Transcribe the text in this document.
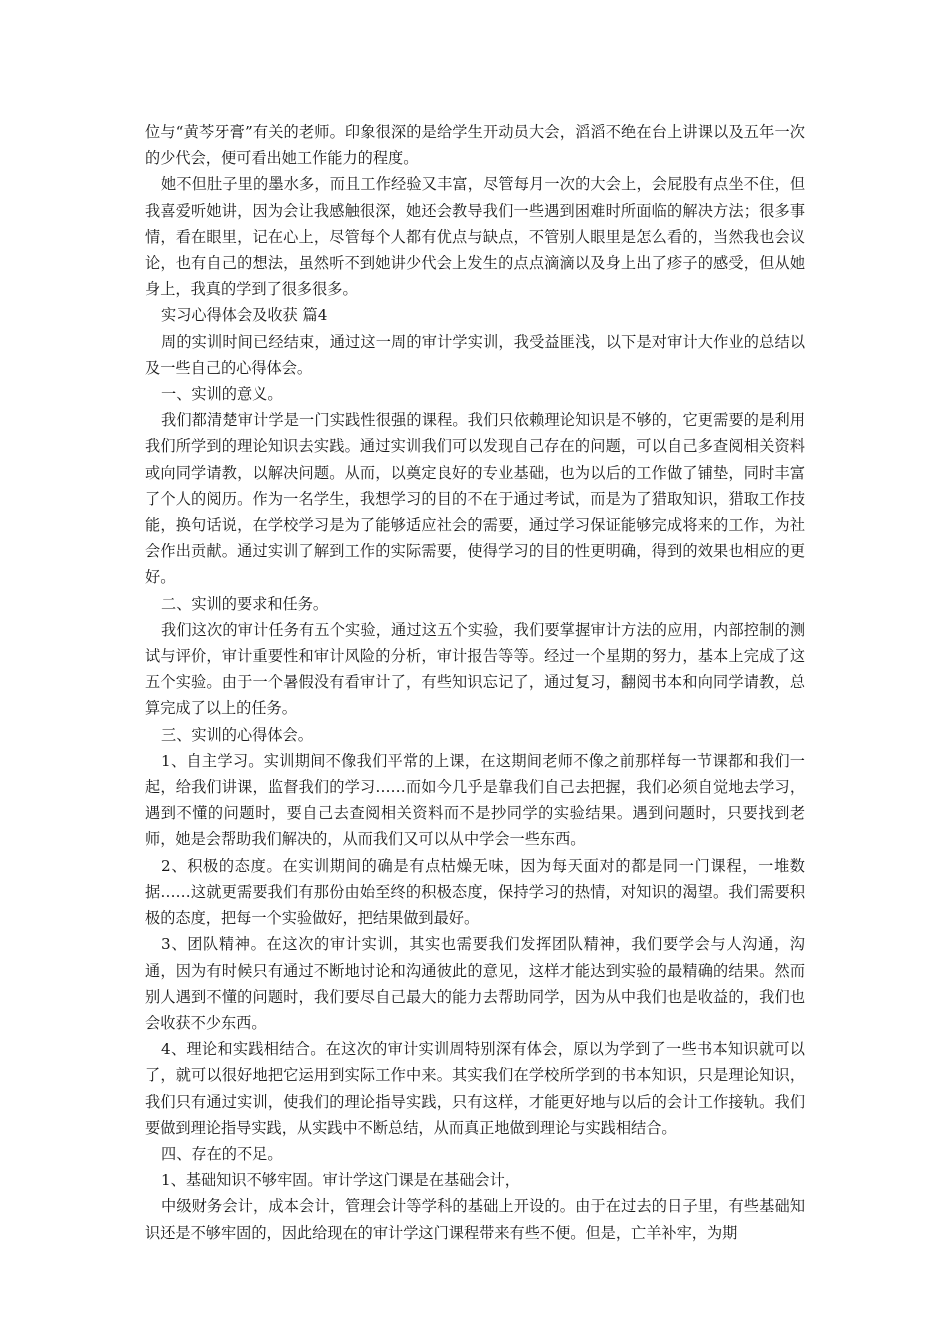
位与“黄芩牙膏”有关的老师。印象很深的是给学生开动员大会，滔滔不绝在台上讲课以及五年一次的少代会，便可看出她工作能力的程度。

她不但肚子里的墨水多，而且工作经验又丰富，尽管每月一次的大会上，会屁股有点坐不住，但我喜爱听她讲，因为会让我感触很深，她还会教导我们一些遇到困难时所面临的解决方法；很多事情，看在眼里，记在心上，尽管每个人都有优点与缺点，不管别人眼里是怎么看的，当然我也会议论，也有自己的想法，虽然听不到她讲少代会上发生的点点滴滴以及身上出了疹子的感受，但从她身上，我真的学到了很多很多。

实习心得体会及收获 篇4

周的实训时间已经结束，通过这一周的审计学实训，我受益匪浅，以下是对审计大作业的总结以及一些自己的心得体会。

一、实训的意义。

我们都清楚审计学是一门实践性很强的课程。我们只依赖理论知识是不够的，它更需要的是利用我们所学到的理论知识去实践。通过实训我们可以发现自己存在的问题，可以自己多查阅相关资料或向同学请教，以解决问题。从而，以奠定良好的专业基础，也为以后的工作做了铺垫，同时丰富了个人的阅历。作为一名学生，我想学习的目的不在于通过考试，而是为了猎取知识，猎取工作技能，换句话说，在学校学习是为了能够适应社会的需要，通过学习保证能够完成将来的工作，为社会作出贡献。通过实训了解到工作的实际需要，使得学习的目的性更明确，得到的效果也相应的更好。

二、实训的要求和任务。

我们这次的审计任务有五个实验，通过这五个实验，我们要掌握审计方法的应用，内部控制的测试与评价，审计重要性和审计风险的分析，审计报告等等。经过一个星期的努力，基本上完成了这五个实验。由于一个暑假没有看审计了，有些知识忘记了，通过复习，翻阅书本和向同学请教，总算完成了以上的任务。

三、实训的心得体会。

1、自主学习。实训期间不像我们平常的上课，在这期间老师不像之前那样每一节课都和我们一起，给我们讲课，监督我们的学习……而如今几乎是靠我们自己去把握，我们必须自觉地去学习，遇到不懂的问题时，要自己去查阅相关资料而不是抄同学的实验结果。遇到问题时，只要找到老师，她是会帮助我们解决的，从而我们又可以从中学会一些东西。

2、积极的态度。在实训期间的确是有点枯燥无味，因为每天面对的都是同一门课程，一堆数据……这就更需要我们有那份由始至终的积极态度，保持学习的热情，对知识的渴望。我们需要积极的态度，把每一个实验做好，把结果做到最好。

3、团队精神。在这次的审计实训，其实也需要我们发挥团队精神，我们要学会与人沟通，沟通，因为有时候只有通过不断地讨论和沟通彼此的意见，这样才能达到实验的最精确的结果。然而别人遇到不懂的问题时，我们要尽自己最大的能力去帮助同学，因为从中我们也是收益的，我们也会收获不少东西。

4、理论和实践相结合。在这次的审计实训周特别深有体会，原以为学到了一些书本知识就可以了，就可以很好地把它运用到实际工作中来。其实我们在学校所学到的书本知识，只是理论知识，我们只有通过实训，使我们的理论指导实践，只有这样，才能更好地与以后的会计工作接轨。我们要做到理论指导实践，从实践中不断总结，从而真正地做到理论与实践相结合。

四、存在的不足。

1、基础知识不够牢固。审计学这门课是在基础会计，

中级财务会计，成本会计，管理会计等学科的基础上开设的。由于在过去的日子里，有些基础知识还是不够牢固的，因此给现在的审计学这门课程带来有些不便。但是，亡羊补牢，为期
